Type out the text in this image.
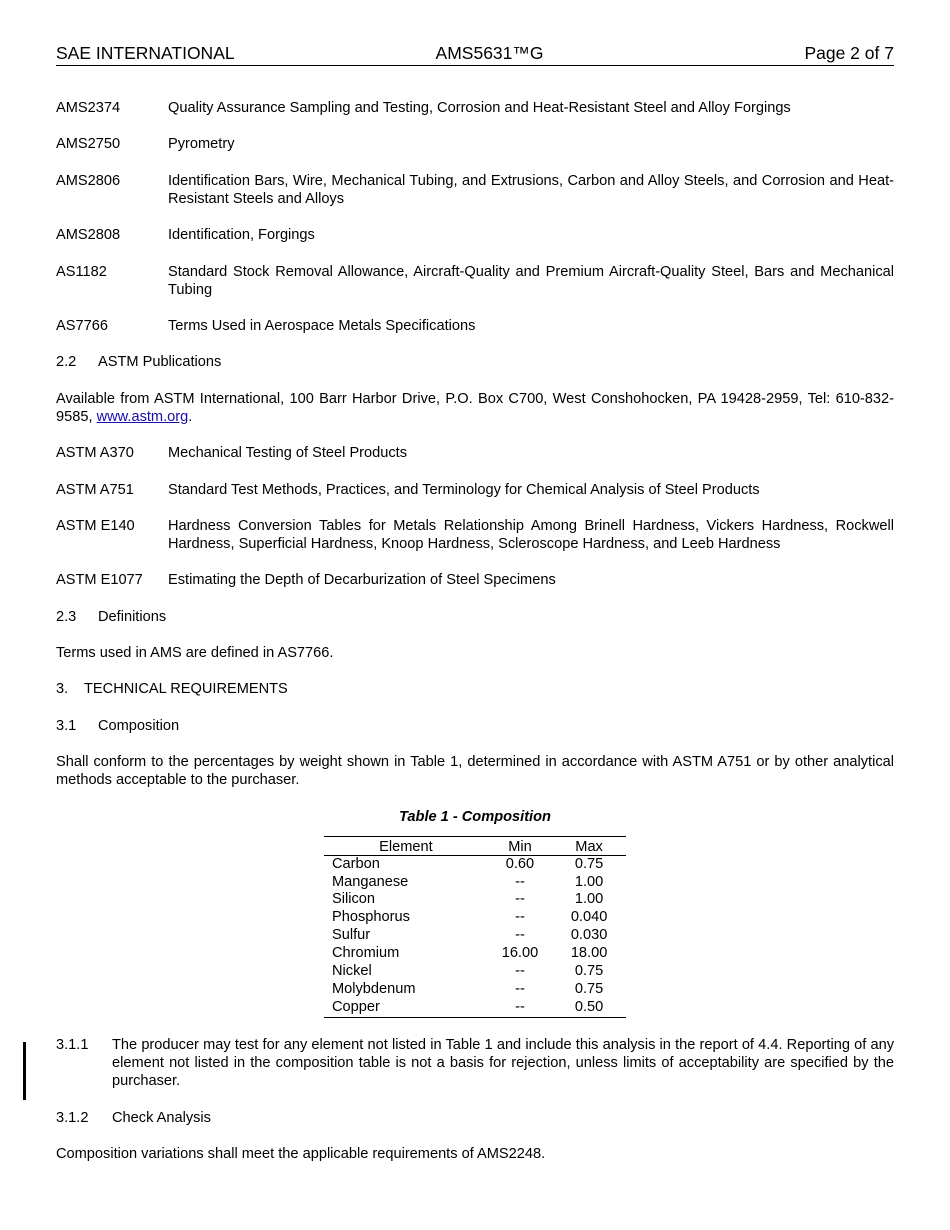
SAE INTERNATIONAL	AMS5631™G	Page 2 of 7
AMS2374	Quality Assurance Sampling and Testing, Corrosion and Heat-Resistant Steel and Alloy Forgings
AMS2750	Pyrometry
AMS2806	Identification Bars, Wire, Mechanical Tubing, and Extrusions, Carbon and Alloy Steels, and Corrosion and Heat-Resistant Steels and Alloys
AMS2808	Identification, Forgings
AS1182	Standard Stock Removal Allowance, Aircraft-Quality and Premium Aircraft-Quality Steel, Bars and Mechanical Tubing
AS7766	Terms Used in Aerospace Metals Specifications
2.2 ASTM Publications
Available from ASTM International, 100 Barr Harbor Drive, P.O. Box C700, West Conshohocken, PA 19428-2959, Tel: 610-832-9585, www.astm.org.
ASTM A370	Mechanical Testing of Steel Products
ASTM A751	Standard Test Methods, Practices, and Terminology for Chemical Analysis of Steel Products
ASTM E140	Hardness Conversion Tables for Metals Relationship Among Brinell Hardness, Vickers Hardness, Rockwell Hardness, Superficial Hardness, Knoop Hardness, Scleroscope Hardness, and Leeb Hardness
ASTM E1077	Estimating the Depth of Decarburization of Steel Specimens
2.3 Definitions
Terms used in AMS are defined in AS7766.
3. TECHNICAL REQUIREMENTS
3.1 Composition
Shall conform to the percentages by weight shown in Table 1, determined in accordance with ASTM A751 or by other analytical methods acceptable to the purchaser.
Table 1 - Composition
Element	Min	Max
Carbon	0.60	0.75
Manganese	--	1.00
Silicon	--	1.00
Phosphorus	--	0.040
Sulfur	--	0.030
Chromium	16.00	18.00
Nickel	--	0.75
Molybdenum	--	0.75
Copper	--	0.50
3.1.1	The producer may test for any element not listed in Table 1 and include this analysis in the report of 4.4. Reporting of any element not listed in the composition table is not a basis for rejection, unless limits of acceptability are specified by the purchaser.
3.1.2	Check Analysis
Composition variations shall meet the applicable requirements of AMS2248.
